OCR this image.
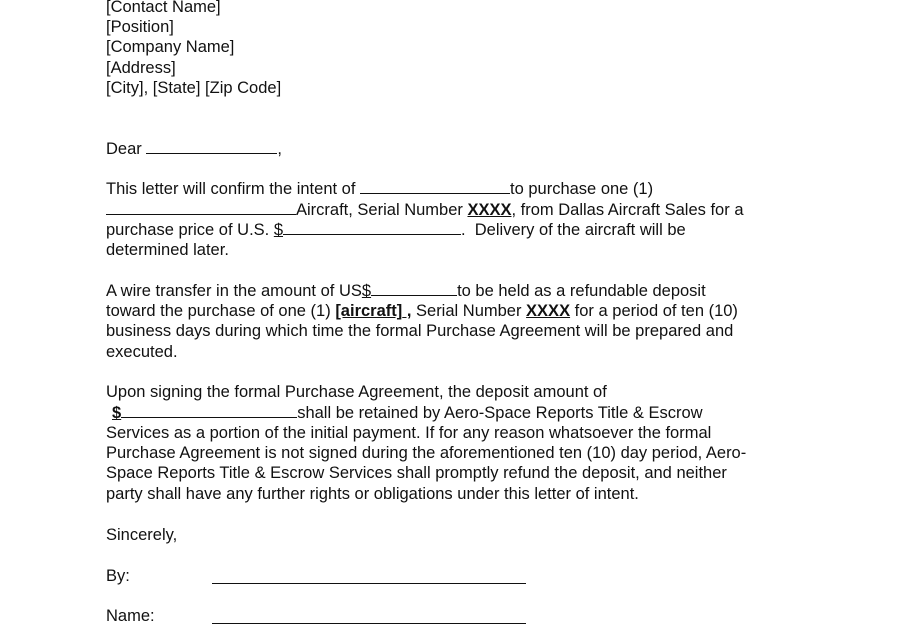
[Contact Name]
[Position]
[Company Name]
[Address]
[City], [State] [Zip Code]
Dear	,
This letter will confirm the intent of	to purchase one (1)
Aircraft, Serial Number XXXX, from Dallas Aircraft Sales for a
purchase price of U.S. $	.  Delivery of the aircraft will be
determined later.
A wire transfer in the amount of US$	to be held as a refundable deposit
toward the purchase of one (1) [aircraft] , Serial Number XXXX for a period of ten (10)
business days during which time the formal Purchase Agreement will be prepared and
executed.
Upon signing the formal Purchase Agreement, the deposit amount of
$	shall be retained by Aero-Space Reports Title & Escrow
Services as a portion of the initial payment. If for any reason whatsoever the formal
Purchase Agreement is not signed during the aforementioned ten (10) day period, Aero-
Space Reports Title & Escrow Services shall promptly refund the deposit, and neither
party shall have any further rights or obligations under this letter of intent.
Sincerely,
By:
Name:
